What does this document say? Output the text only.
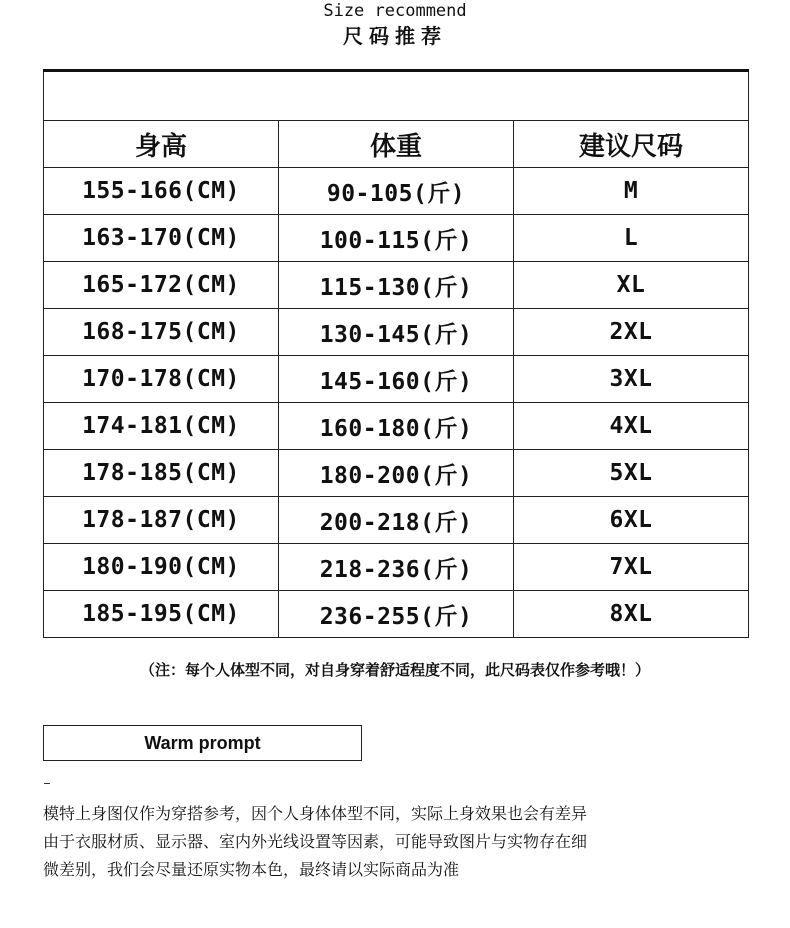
Size recommend
尺码推荐

身高	体重	建议尺码
155-166(CM)	90-105(斤)	M
163-170(CM)	100-115(斤)	L
165-172(CM)	115-130(斤)	XL
168-175(CM)	130-145(斤)	2XL
170-178(CM)	145-160(斤)	3XL
174-181(CM)	160-180(斤)	4XL
178-185(CM)	180-200(斤)	5XL
178-187(CM)	200-218(斤)	6XL
180-190(CM)	218-236(斤)	7XL
185-195(CM)	236-255(斤)	8XL
（注：每个人体型不同，对自身穿着舒适程度不同，此尺码表仅作参考哦！）
Warm prompt
模特上身图仅作为穿搭参考，因个人身体体型不同，实际上身效果也会有差异
由于衣服材质、显示器、室内外光线设置等因素，可能导致图片与实物存在细
微差别，我们会尽量还原实物本色，最终请以实际商品为准
